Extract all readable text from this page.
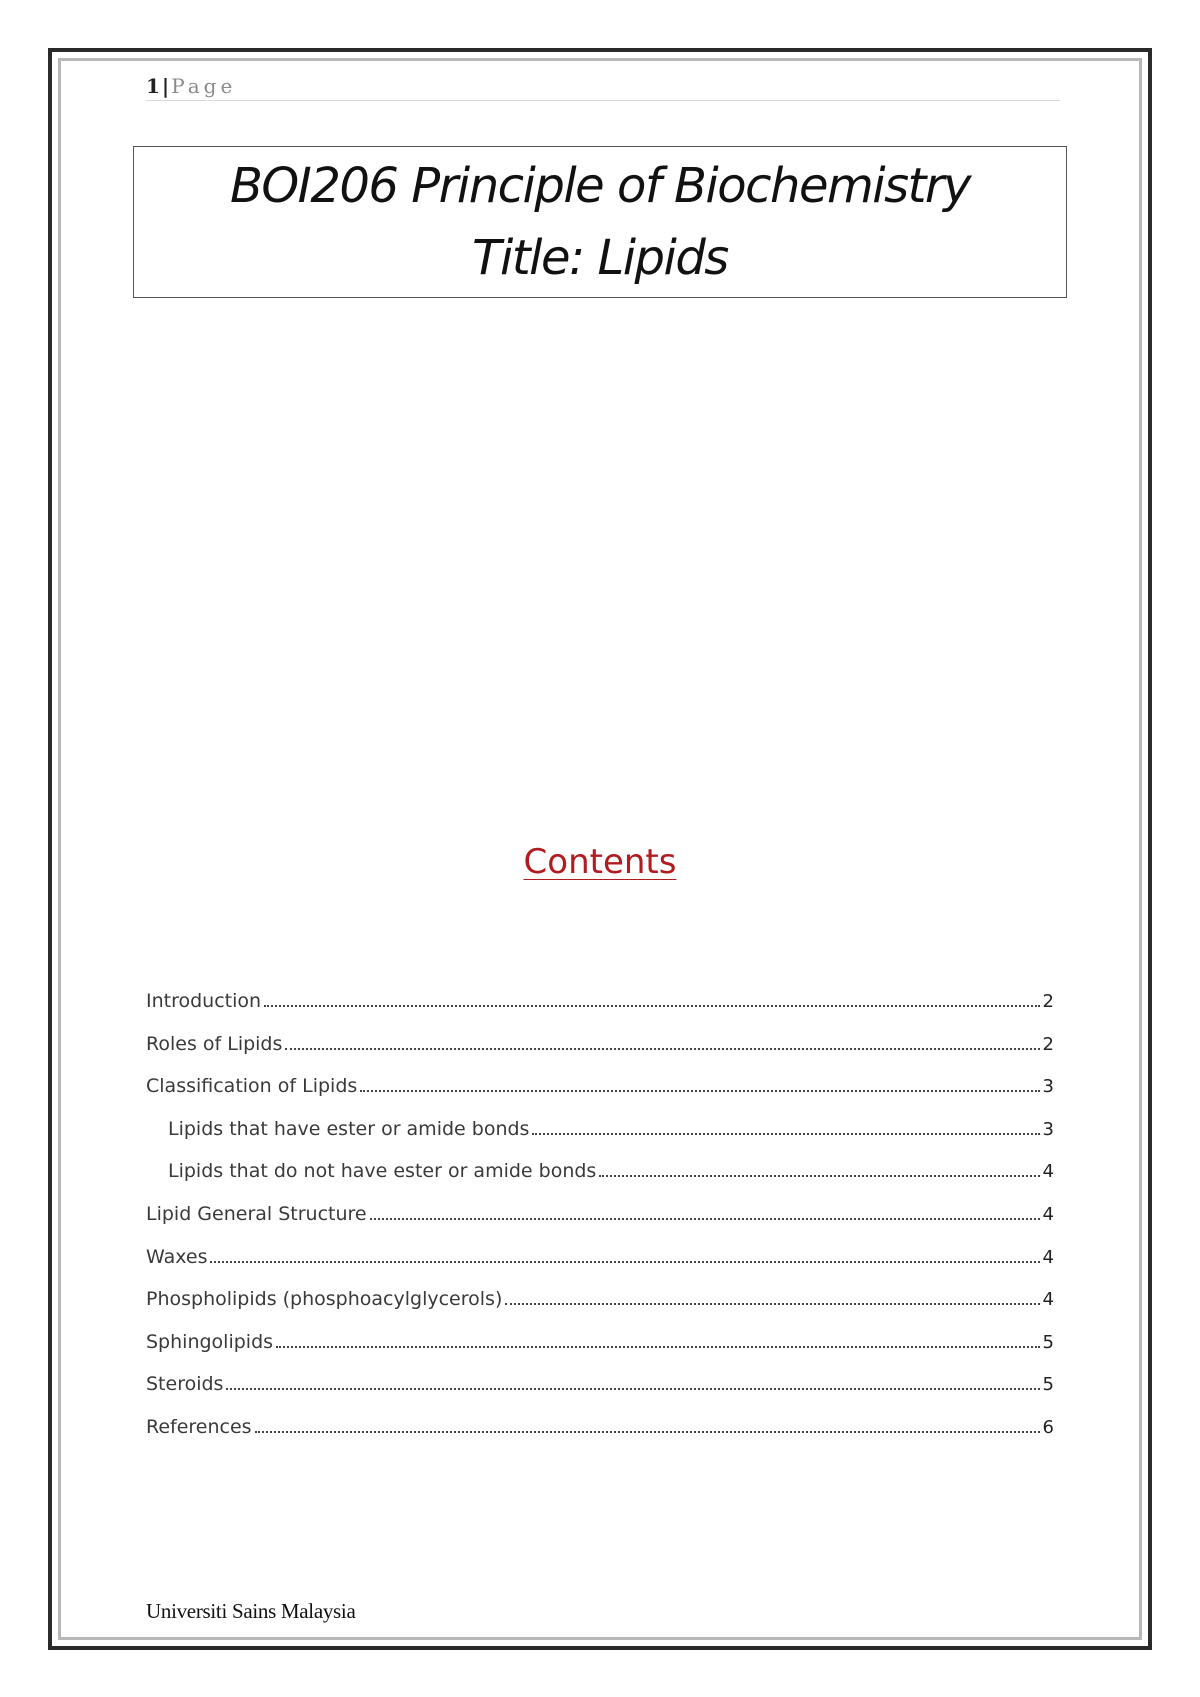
1 | Page
BOI206 Principle of Biochemistry
Title: Lipids
Contents
Introduction	2
Roles of Lipids	2
Classification of Lipids	3
Lipids that have ester or amide bonds	3
Lipids that do not have ester or amide bonds	4
Lipid General Structure	4
Waxes	4
Phospholipids (phosphoacylglycerols)	4
Sphingolipids	5
Steroids	5
References	6
Universiti Sains Malaysia
